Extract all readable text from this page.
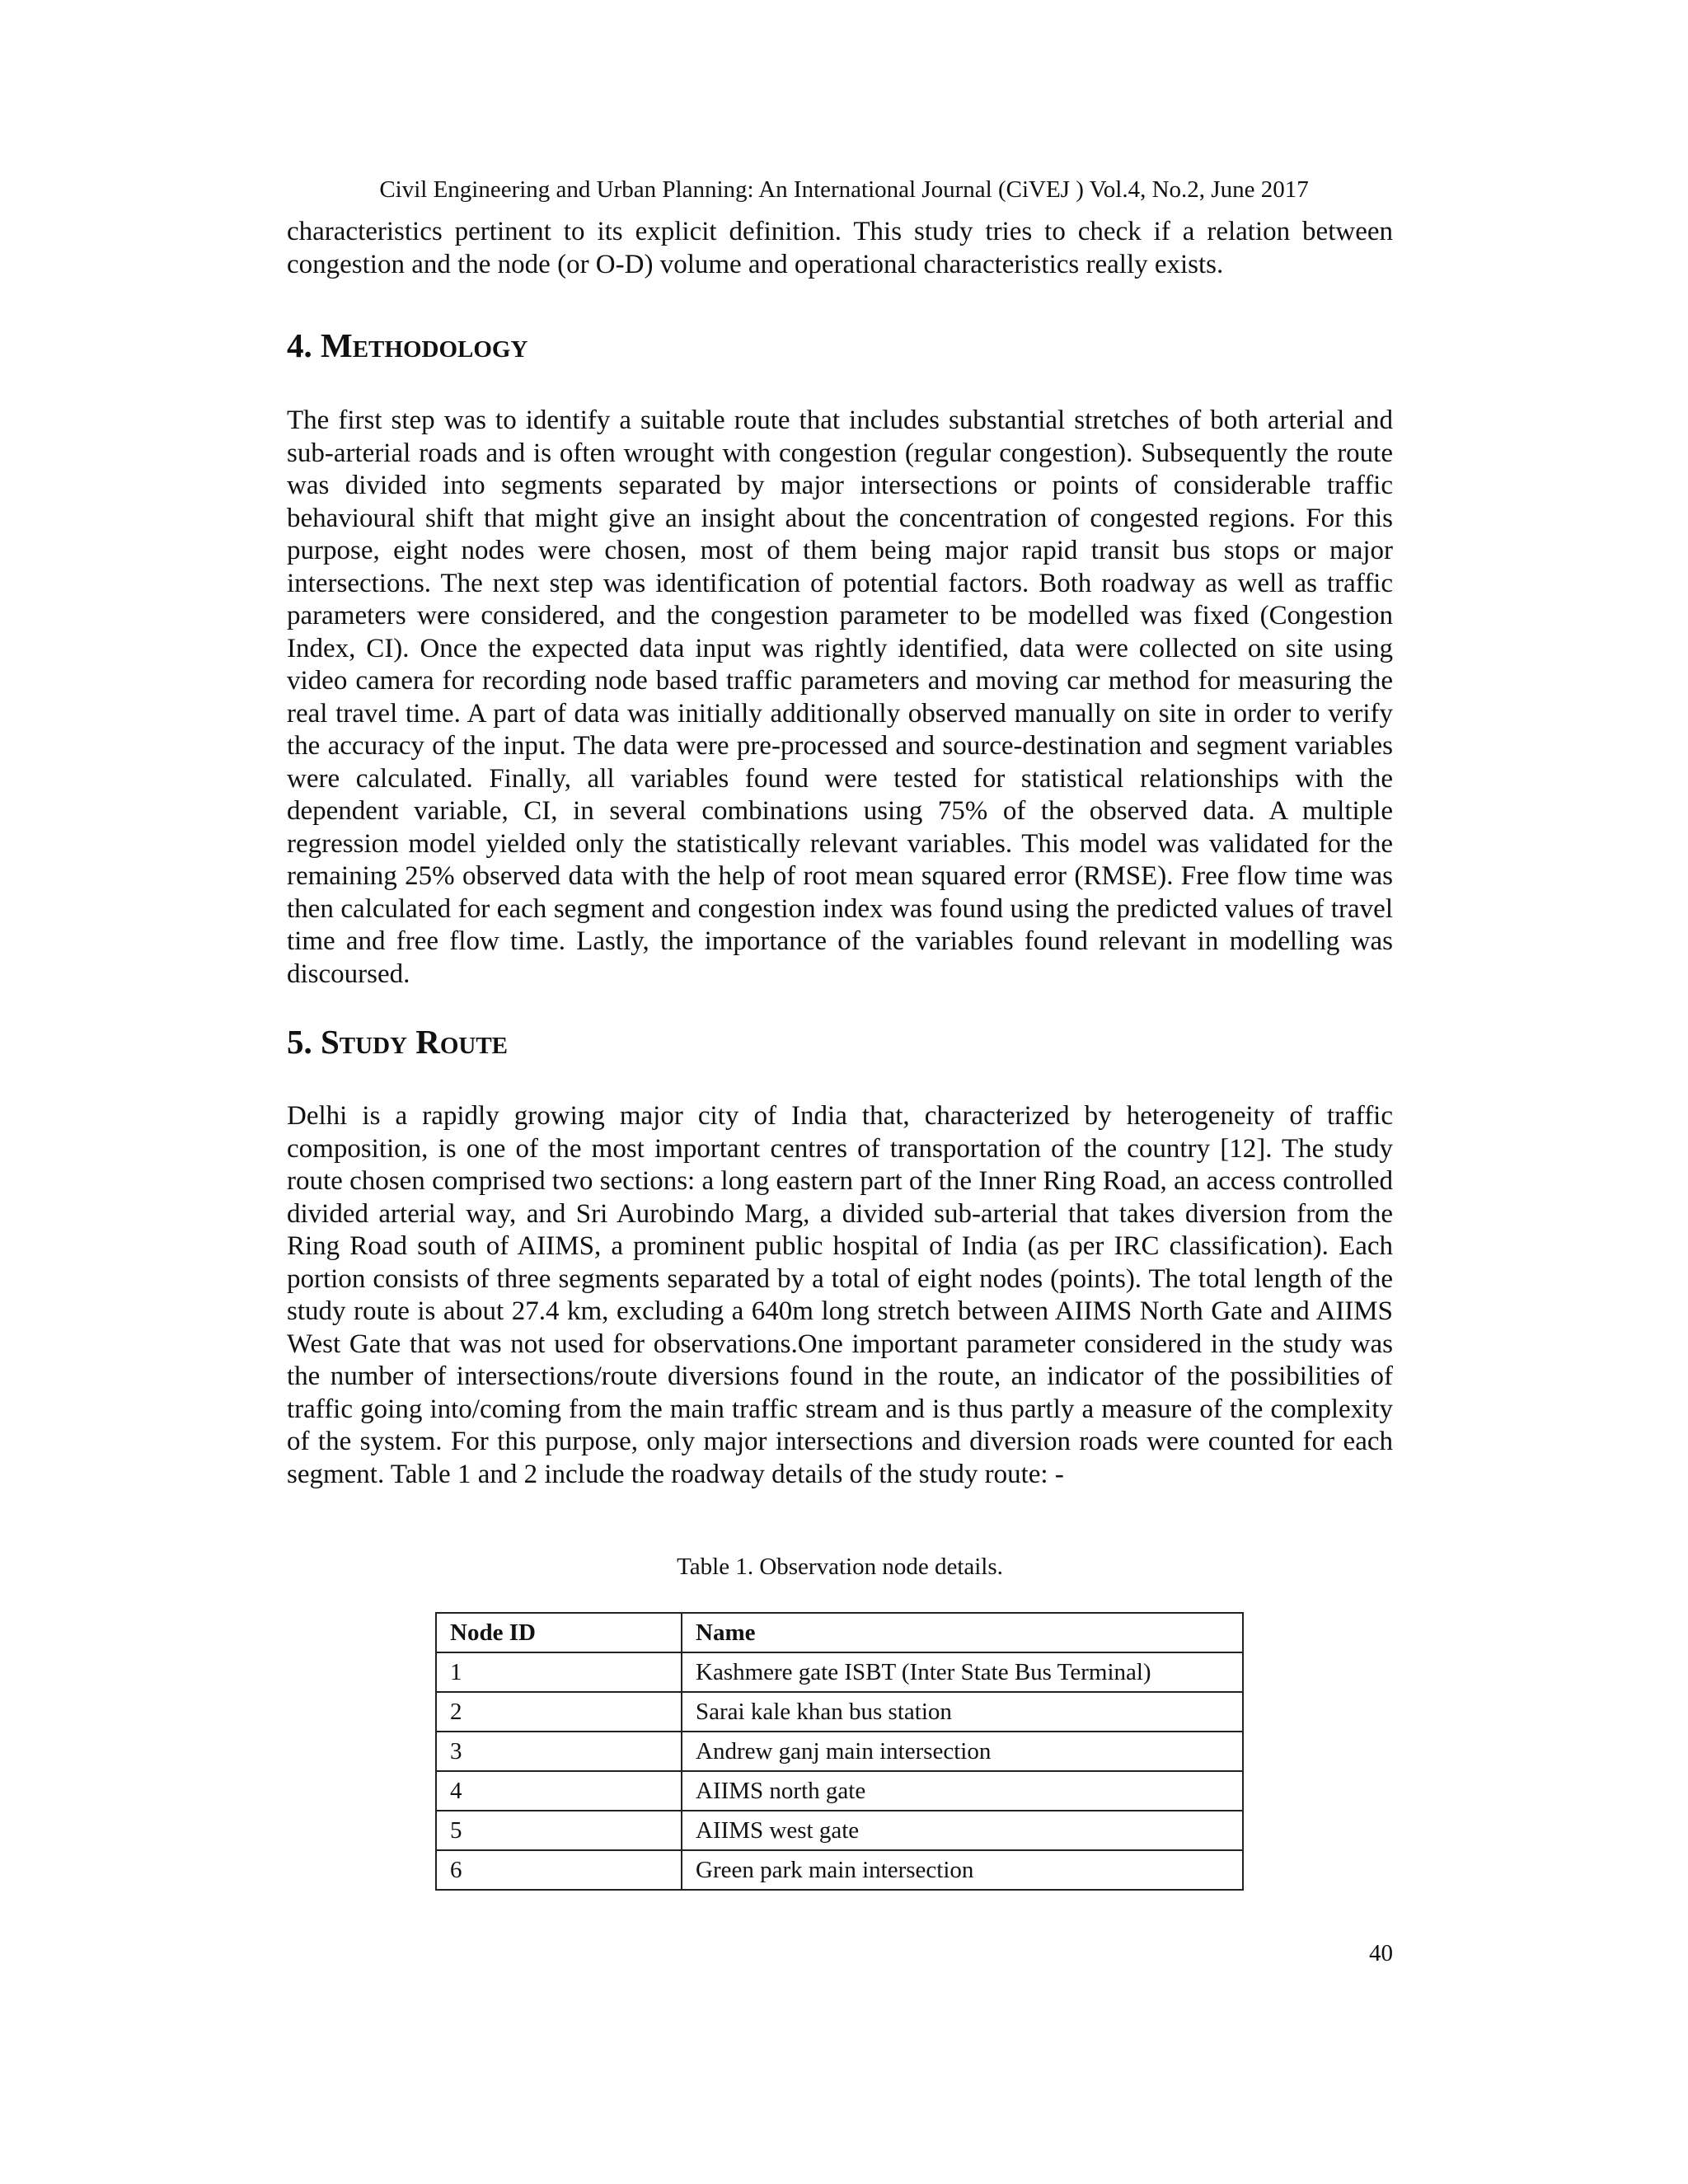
Civil Engineering and Urban Planning: An International Journal (CiVEJ ) Vol.4, No.2, June 2017

characteristics pertinent to its explicit definition. This study tries to check if a relation between congestion and the node (or O-D) volume and operational characteristics really exists.

4. Methodology

The first step was to identify a suitable route that includes substantial stretches of both arterial and sub-arterial roads and is often wrought with congestion (regular congestion). Subsequently the route was divided into segments separated by major intersections or points of considerable traffic behavioural shift that might give an insight about the concentration of congested regions. For this purpose, eight nodes were chosen, most of them being major rapid transit bus stops or major intersections. The next step was identification of potential factors. Both roadway as well as traffic parameters were considered, and the congestion parameter to be modelled was fixed (Congestion Index, CI). Once the expected data input was rightly identified, data were collected on site using video camera for recording node based traffic parameters and moving car method for measuring the real travel time. A part of data was initially additionally observed manually on site in order to verify the accuracy of the input. The data were pre-processed and source-destination and segment variables were calculated. Finally, all variables found were tested for statistical relationships with the dependent variable, CI, in several combinations using 75% of the observed data. A multiple regression model yielded only the statistically relevant variables. This model was validated for the remaining 25% observed data with the help of root mean squared error (RMSE). Free flow time was then calculated for each segment and congestion index was found using the predicted values of travel time and free flow time. Lastly, the importance of the variables found relevant in modelling was discoursed.

5. Study Route

Delhi is a rapidly growing major city of India that, characterized by heterogeneity of traffic composition, is one of the most important centres of transportation of the country [12]. The study route chosen comprised two sections: a long eastern part of the Inner Ring Road, an access controlled divided arterial way, and Sri Aurobindo Marg, a divided sub-arterial that takes diversion from the Ring Road south of AIIMS, a prominent public hospital of India (as per IRC classification). Each portion consists of three segments separated by a total of eight nodes (points). The total length of the study route is about 27.4 km, excluding a 640m long stretch between AIIMS North Gate and AIIMS West Gate that was not used for observations.One important parameter considered in the study was the number of intersections/route diversions found in the route, an indicator of the possibilities of traffic going into/coming from the main traffic stream and is thus partly a measure of the complexity of the system. For this purpose, only major intersections and diversion roads were counted for each segment. Table 1 and 2 include the roadway details of the study route: -

Table 1. Observation node details.
Node ID	Name
1	Kashmere gate ISBT (Inter State Bus Terminal)
2	Sarai kale khan bus station
3	Andrew ganj main intersection
4	AIIMS north gate
5	AIIMS west gate
6	Green park main intersection
40
